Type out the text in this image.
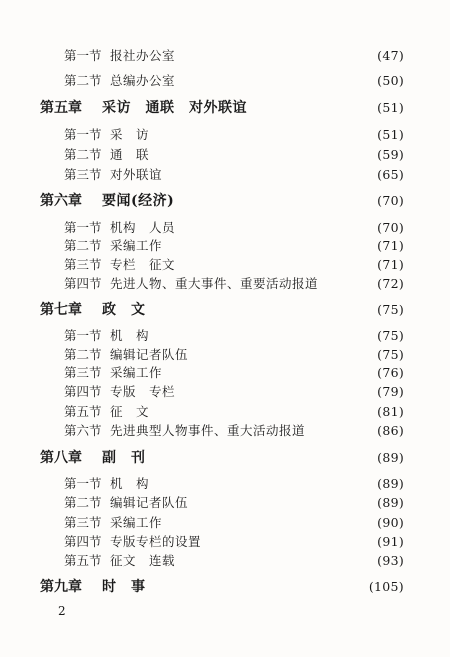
第一节 报社办公室	(47)
第二节 总编办公室	(50)
第五章	采访　通联　对外联谊	(51)
第一节 采　访	(51)
第二节 通　联	(59)
第三节 对外联谊	(65)
第六章	要闻(经济)	(70)
第一节 机构　人员	(70)
第二节 采编工作	(71)
第三节 专栏　征文	(71)
第四节 先进人物、重大事件、重要活动报道	(72)
第七章	政　文	(75)
第一节 机　构	(75)
第二节 编辑记者队伍	(75)
第三节 采编工作	(76)
第四节 专版　专栏	(79)
第五节 征　文	(81)
第六节 先进典型人物事件、重大活动报道	(86)
第八章	副　刊	(89)
第一节 机　构	(89)
第二节 编辑记者队伍	(89)
第三节 采编工作	(90)
第四节 专版专栏的设置	(91)
第五节 征文　连载	(93)
第九章	时　事	(105)
2
